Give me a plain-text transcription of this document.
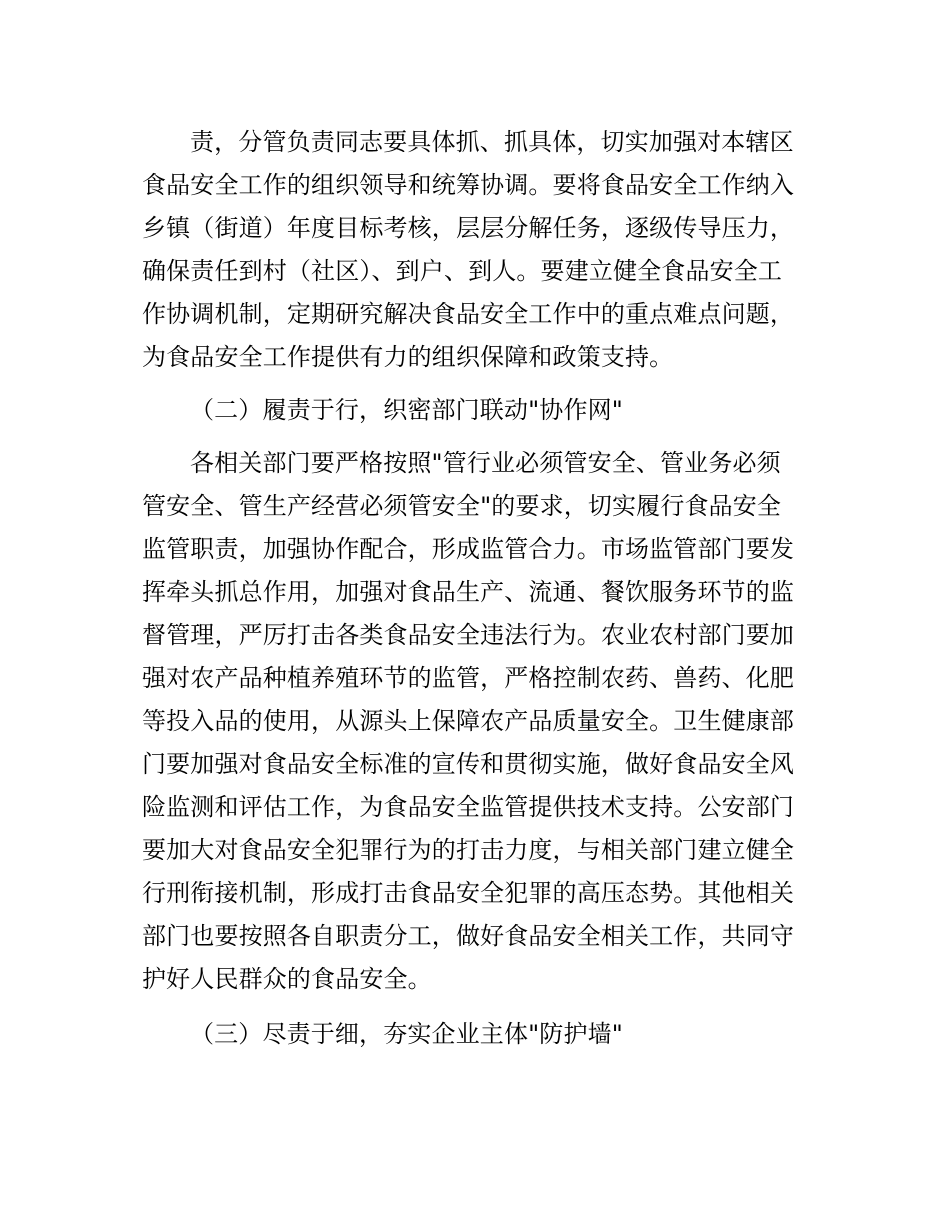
责，分管负责同志要具体抓、抓具体，切实加强对本辖区
食品安全工作的组织领导和统筹协调。要将食品安全工作纳入
乡镇（街道）年度目标考核，层层分解任务，逐级传导压力，
确保责任到村（社区）、到户、到人。要建立健全食品安全工
作协调机制，定期研究解决食品安全工作中的重点难点问题，
为食品安全工作提供有力的组织保障和政策支持。
（二）履责于行，织密部门联动"协作网"
各相关部门要严格按照"管行业必须管安全、管业务必须
管安全、管生产经营必须管安全"的要求，切实履行食品安全
监管职责，加强协作配合，形成监管合力。市场监管部门要发
挥牵头抓总作用，加强对食品生产、流通、餐饮服务环节的监
督管理，严厉打击各类食品安全违法行为。农业农村部门要加
强对农产品种植养殖环节的监管，严格控制农药、兽药、化肥
等投入品的使用，从源头上保障农产品质量安全。卫生健康部
门要加强对食品安全标准的宣传和贯彻实施，做好食品安全风
险监测和评估工作，为食品安全监管提供技术支持。公安部门
要加大对食品安全犯罪行为的打击力度，与相关部门建立健全
行刑衔接机制，形成打击食品安全犯罪的高压态势。其他相关
部门也要按照各自职责分工，做好食品安全相关工作，共同守
护好人民群众的食品安全。
（三）尽责于细，夯实企业主体"防护墙"
